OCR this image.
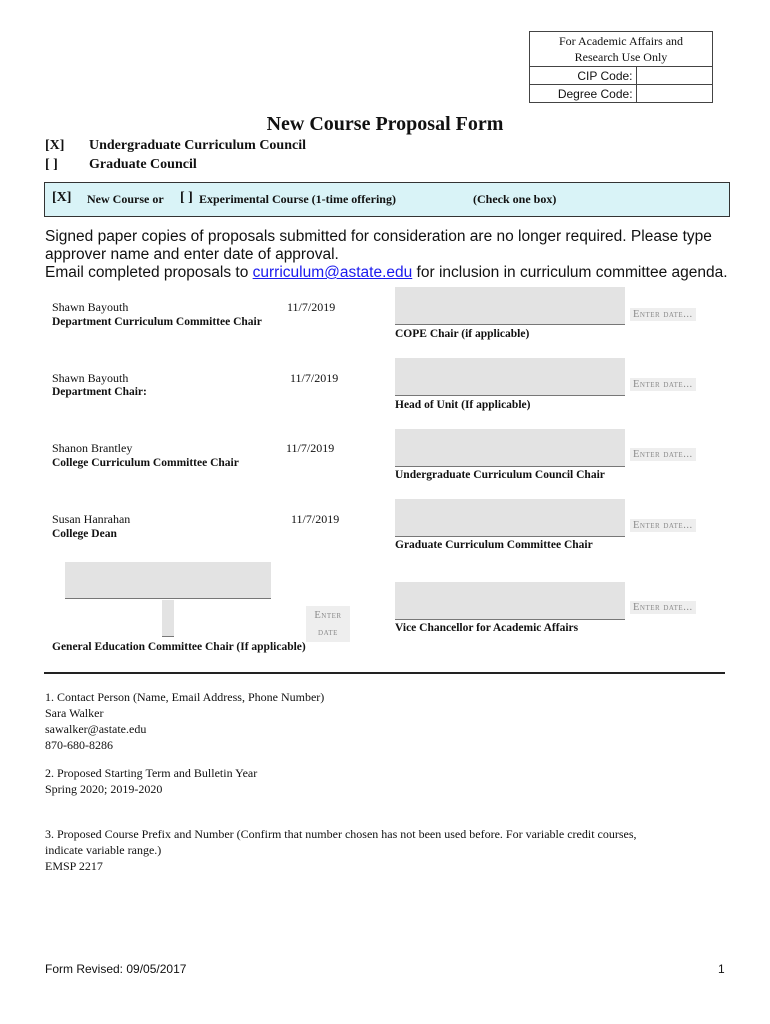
For Academic Affairs and
Research Use Only	
CIP Code:	
Degree Code:	
New Course Proposal Form
[X] Undergraduate Curriculum Council
[ ] Graduate Council
[X] New Course or [ ] Experimental Course (1-time offering)	(Check one box)
Signed paper copies of proposals submitted for consideration are no longer required. Please type approver name and enter date of approval.
Email completed proposals to curriculum@astate.edu for inclusion in curriculum committee agenda.
Shawn Bayouth	11/7/2019
Department Curriculum Committee Chair
Shawn Bayouth	11/7/2019
Department Chair:
Shanon Brantley	11/7/2019
College Curriculum Committee Chair
Susan Hanrahan	11/7/2019
College Dean
Enter
date
General Education Committee Chair (If applicable)
Enter date...
COPE Chair (if applicable)
Enter date...
Head of Unit (If applicable)
Enter date...
Undergraduate Curriculum Council Chair
Enter date...
Graduate Curriculum Committee Chair
Enter date...
Vice Chancellor for Academic Affairs
1. Contact Person (Name, Email Address, Phone Number)
Sara Walker
sawalker@astate.edu
870-680-8286
2. Proposed Starting Term and Bulletin Year
Spring 2020; 2019-2020
3. Proposed Course Prefix and Number (Confirm that number chosen has not been used before. For variable credit courses,
indicate variable range.)
EMSP 2217
Form Revised: 09/05/2017	1
